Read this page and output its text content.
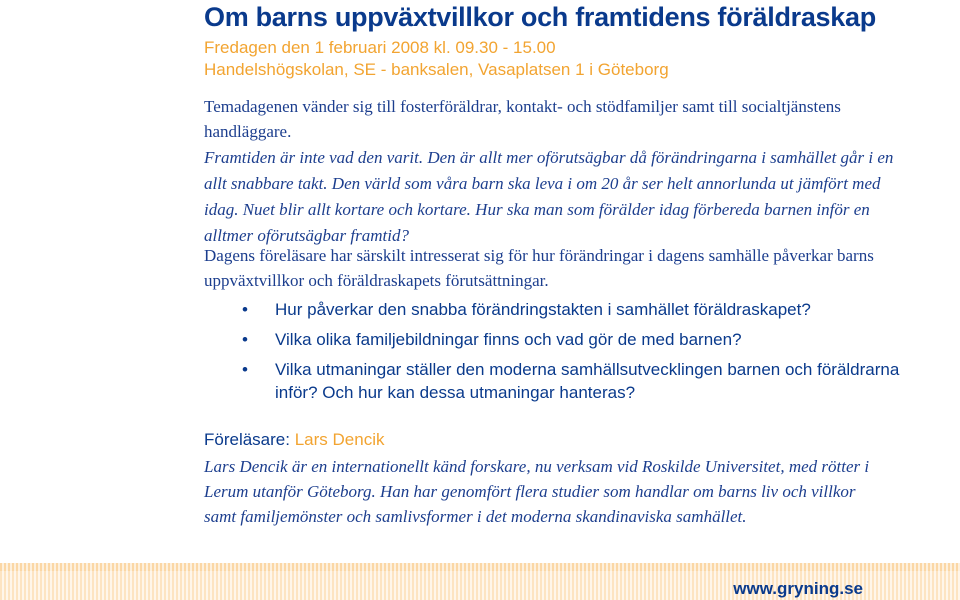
Om barns uppväxtvillkor och framtidens föräldraskap
Fredagen den 1 februari 2008 kl. 09.30 - 15.00
Handelshögskolan, SE - banksalen, Vasaplatsen 1 i Göteborg

Temadagenen vänder sig till fosterföräldrar, kontakt- och stödfamiljer samt till socialtjänstens handläggare.

Framtiden är inte vad den varit. Den är allt mer oförutsägbar då förändringarna i samhället går i en allt snabbare takt. Den värld som våra barn ska leva i om 20 år ser helt annorlunda ut jämfört med idag. Nuet blir allt kortare och kortare. Hur ska man som förälder idag förbereda barnen inför en alltmer oförutsägbar framtid?

Dagens föreläsare har särskilt intresserat sig för hur förändringar i dagens samhälle påverkar barns uppväxtvillkor och föräldraskapets förutsättningar.

• Hur påverkar den snabba förändringstakten i samhället föräldraskapet?
• Vilka olika familjebildningar finns och vad gör de med barnen?
• Vilka utmaningar ställer den moderna samhällsutvecklingen barnen och föräldrarna inför? Och hur kan dessa utmaningar hanteras?
Föreläsare: Lars Dencik

Lars Dencik är en internationellt känd forskare, nu verksam vid Roskilde Universitet, med rötter i Lerum utanför Göteborg. Han har genomfört flera studier som handlar om barns liv och villkor samt familjemönster och samlivsformer i det moderna skandinaviska samhället.

www.gryning.se
